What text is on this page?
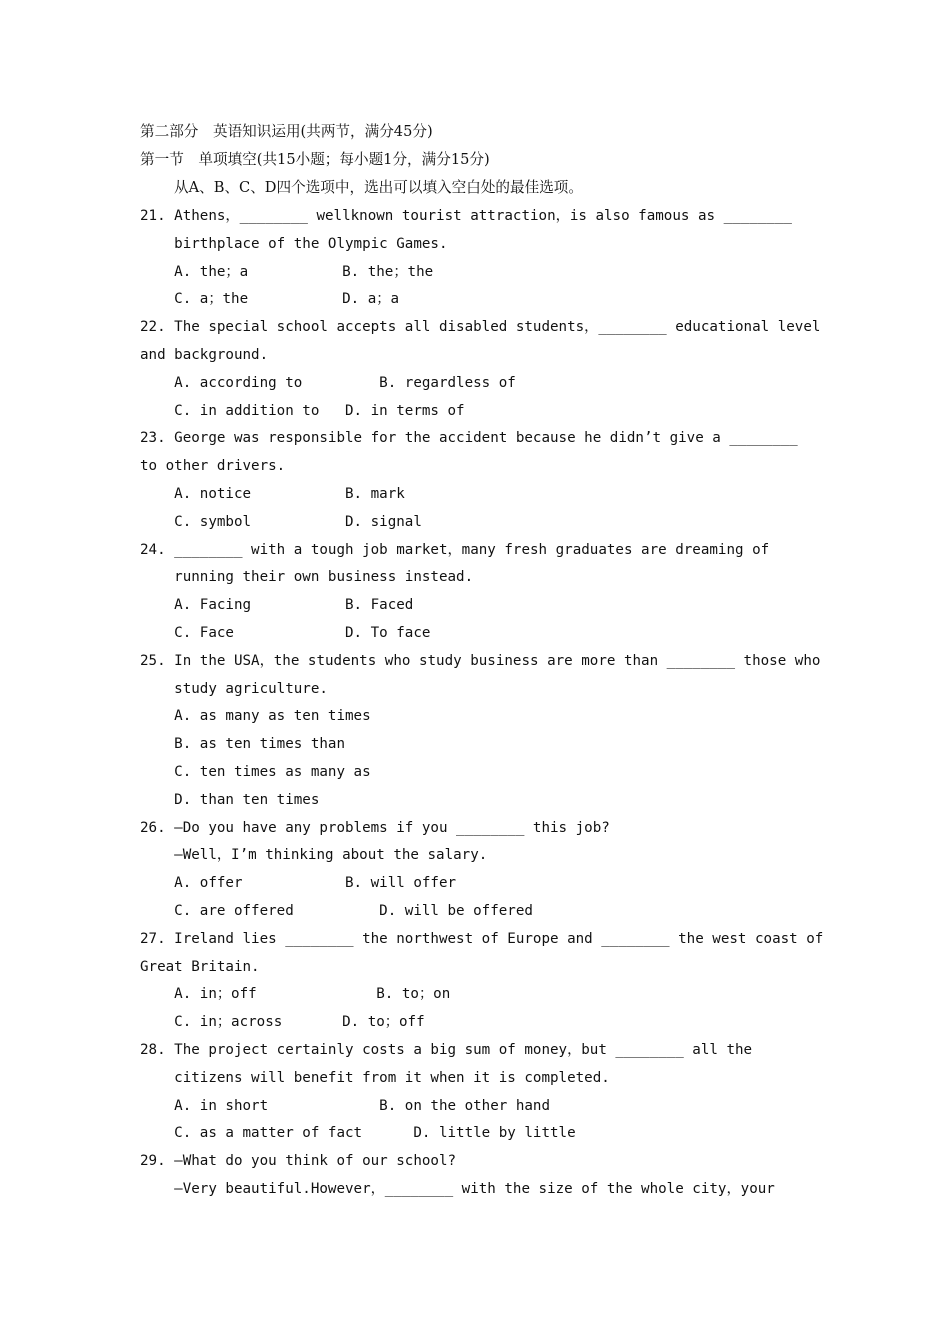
第二部分　英语知识运用(共两节，满分45分)
第一节　单项填空(共15小题；每小题1分，满分15分)
从A、B、C、D四个选项中，选出可以填入空白处的最佳选项。
21. Athens，________ wellknown tourist attraction，is also famous as ________
birthplace of the Olympic Games.
A. the；a           B. the；the
C. a；the           D. a；a
22. The special school accepts all disabled students，________ educational level
and background.
A. according to         B. regardless of
C. in addition to   D. in terms of
23. George was responsible for the accident because he didn’t give a ________
to other drivers.
A. notice           B. mark
C. symbol           D. signal
24. ________ with a tough job market，many fresh graduates are dreaming of
running their own business instead.
A. Facing           B. Faced
C. Face             D. To face
25. In the USA，the students who study business are more than ________ those who
study agriculture.
A. as many as ten times
B. as ten times than
C. ten times as many as
D. than ten times
26. —Do you have any problems if you ________ this job?
—Well，I’m thinking about the salary.
A. offer            B. will offer
C. are offered          D. will be offered
27. Ireland lies ________ the northwest of Europe and ________ the west coast of
Great Britain.
A. in；off              B. to；on
C. in；across       D. to；off
28. The project certainly costs a big sum of money，but ________ all the
citizens will benefit from it when it is completed.
A. in short             B. on the other hand
C. as a matter of fact      D. little by little
29. —What do you think of our school?
—Very beautiful.However，________ with the size of the whole city，your
